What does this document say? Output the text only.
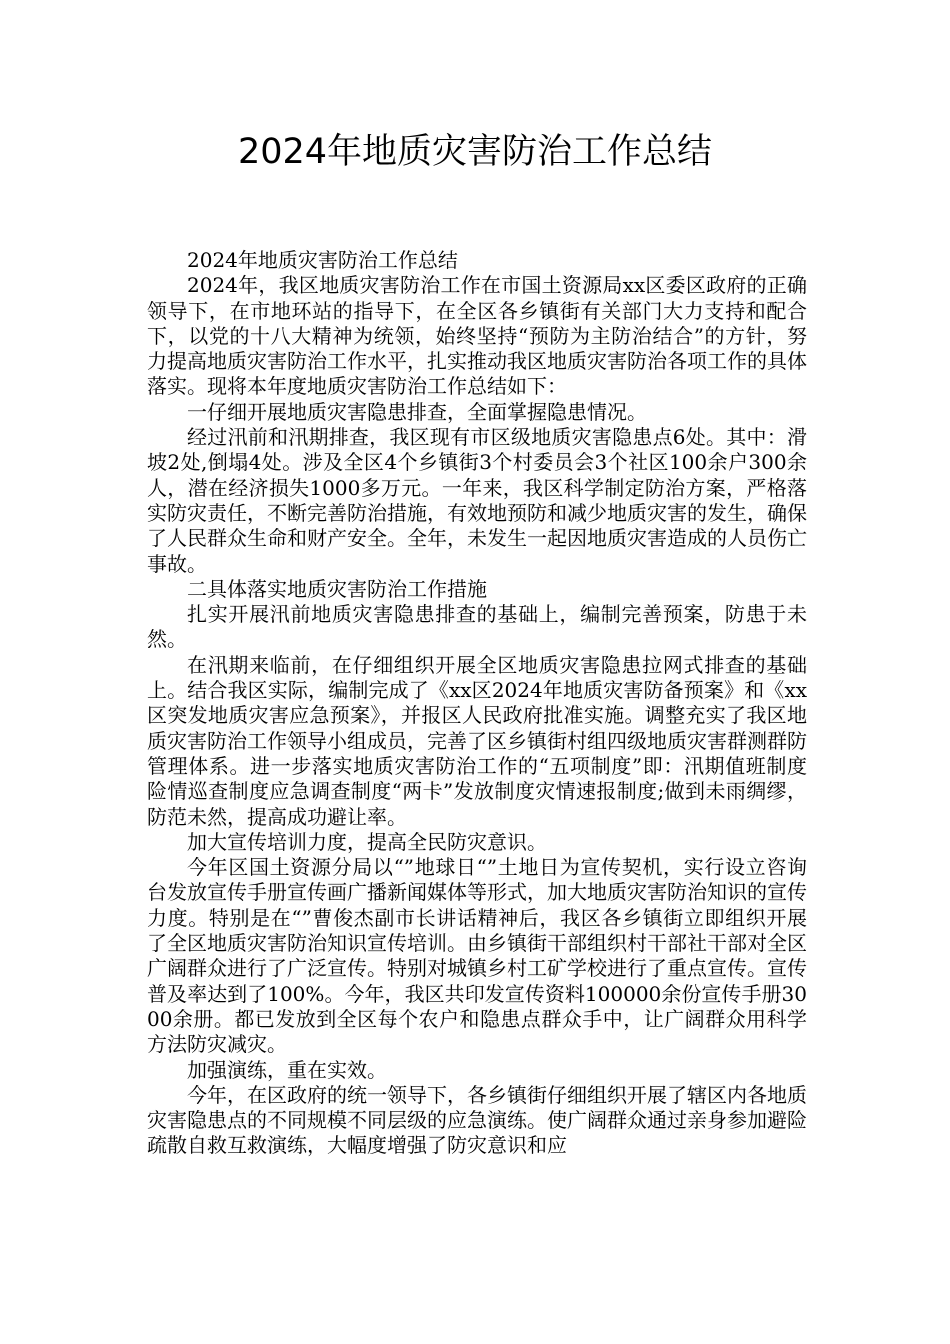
2024年地质灾害防治工作总结

2024年地质灾害防治工作总结

2024年，我区地质灾害防治工作在市国土资源局xx区委区政府的正确领导下，在市地环站的指导下，在全区各乡镇街有关部门大力支持和配合下，以党的十八大精神为统领，始终坚持“预防为主防治结合”的方针，努力提高地质灾害防治工作水平，扎实推动我区地质灾害防治各项工作的具体落实。现将本年度地质灾害防治工作总结如下：

一仔细开展地质灾害隐患排查，全面掌握隐患情况。

经过汛前和汛期排查，我区现有市区级地质灾害隐患点6处。其中：滑坡2处,倒塌4处。涉及全区4个乡镇街3个村委员会3个社区100余户300余人，潜在经济损失1000多万元。一年来，我区科学制定防治方案，严格落实防灾责任，不断完善防治措施，有效地预防和减少地质灾害的发生，确保了人民群众生命和财产安全。全年，未发生一起因地质灾害造成的人员伤亡事故。

二具体落实地质灾害防治工作措施

扎实开展汛前地质灾害隐患排查的基础上，编制完善预案，防患于未然。

在汛期来临前，在仔细组织开展全区地质灾害隐患拉网式排查的基础上。结合我区实际，编制完成了《xx区2024年地质灾害防备预案》和《xx区突发地质灾害应急预案》，并报区人民政府批准实施。调整充实了我区地质灾害防治工作领导小组成员，完善了区乡镇街村组四级地质灾害群测群防管理体系。进一步落实地质灾害防治工作的“五项制度”即：汛期值班制度险情巡查制度应急调查制度“两卡”发放制度灾情速报制度;做到未雨绸缪，防范未然，提高成功避让率。

加大宣传培训力度，提高全民防灾意识。

今年区国土资源分局以“”地球日“”土地日为宣传契机，实行设立咨询台发放宣传手册宣传画广播新闻媒体等形式，加大地质灾害防治知识的宣传力度。特别是在“”曹俊杰副市长讲话精神后，我区各乡镇街立即组织开展了全区地质灾害防治知识宣传培训。由乡镇街干部组织村干部社干部对全区广阔群众进行了广泛宣传。特别对城镇乡村工矿学校进行了重点宣传。宣传普及率达到了100%。今年，我区共印发宣传资料100000余份宣传手册3000余册。都已发放到全区每个农户和隐患点群众手中，让广阔群众用科学方法防灾减灾。

加强演练，重在实效。

今年，在区政府的统一领导下，各乡镇街仔细组织开展了辖区内各地质灾害隐患点的不同规模不同层级的应急演练。使广阔群众通过亲身参加避险疏散自救互救演练，大幅度增强了防灾意识和应
